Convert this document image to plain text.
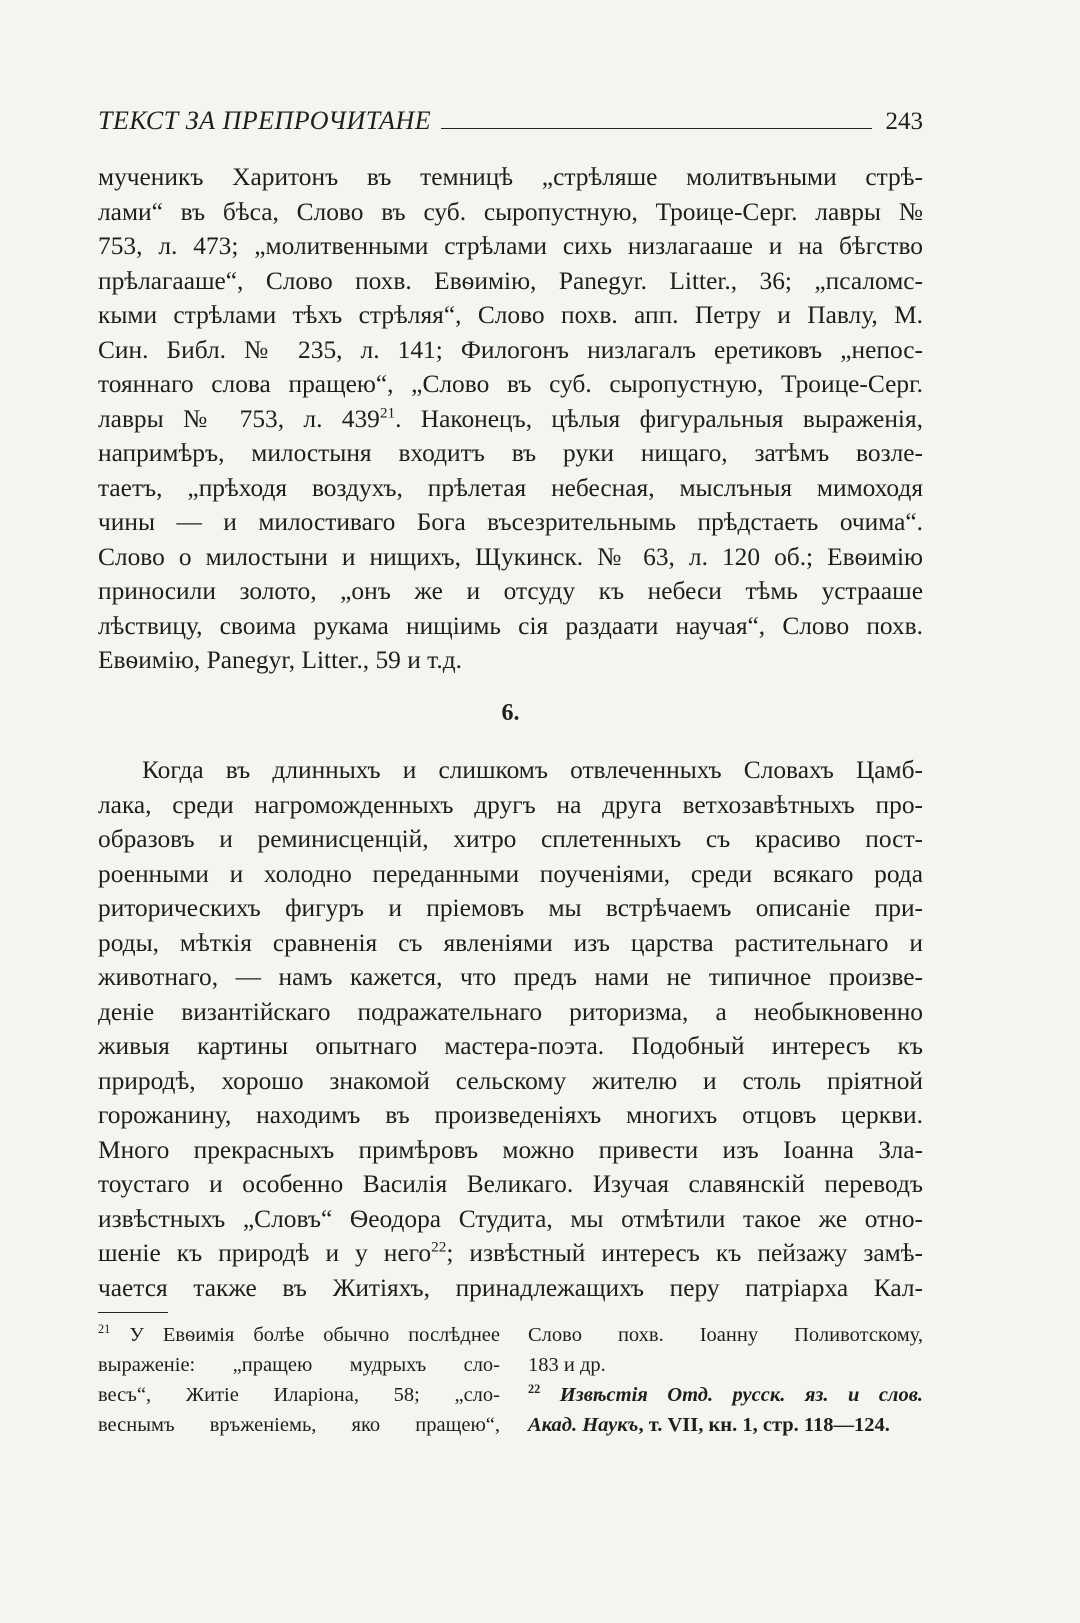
ТЕКСТ ЗА ПРЕПРОЧИТАНЕ	243
мученикъ Харитонъ въ темницѣ „стрѣляше молитвъными стрѣ-
лами“ въ бѣса, Слово въ суб. сыропустную, Троице-Серг. лавры №
753, л. 473; „молитвенными стрѣлами сихь низлагааше и на бѣгство
прѣлагааше“, Слово похв. Евѳимію, Panegyr. Litter., 36; „псаломс-
кыми стрѣлами тѣхъ стрѣляя“, Слово похв. апп. Петру и Павлу, М.
Син. Библ. № 235, л. 141; Филогонъ низлагалъ еретиковъ „непос-
тояннаго слова пращею“, „Слово въ суб. сыропустную, Троице-Серг.
лавры № 753, л. $439^{21}$. Наконецъ, цѣлыя фигуральныя выраженія,
напримѣръ, милостыня входитъ въ руки нищаго, затѣмъ возле-
таетъ, „прѣходя воздухъ, прѣлетая небесная, мыслъныя мимоходя
чины — и милостиваго Бога въсезрительнымь прѣдстаеть очима“.
Слово о милостыни и нищихъ, Щукинск. № 63, л. 120 об.; Евѳимію
приносили золото, „онъ же и отсуду къ небеси тѣмь устрааше
лѣствицу, своима рукама нищіимь сія раздаати научая“, Слово похв.
Евѳимію, Panegyr, Litter., 59 и т.д.
6.
Когда въ длинныхъ и слишкомъ отвлеченныхъ Словахъ Цамб-
лака, среди нагроможденныхъ другъ на друга ветхозавѣтныхъ про-
образовъ и реминисценцій, хитро сплетенныхъ съ красиво пост-
роенными и холодно переданными поученіями, среди всякаго рода
риторическихъ фигуръ и пріемовъ мы встрѣчаемъ описаніе при-
роды, мѣткія сравненія съ явленіями изъ царства растительнаго и
животнаго, — намъ кажется, что предъ нами не типичное произве-
деніе византійскаго подражательнаго риторизма, а необыкновенно
живыя картины опытнаго мастера-поэта. Подобный интересъ къ
природѣ, хорошо знакомой сельскому жителю и столь пріятной
горожанину, находимъ въ произведеніяхъ многихъ отцовъ церкви.
Много прекрасныхъ примѣровъ можно привести изъ Іоанна Зла-
тоустаго и особенно Василія Великаго. Изучая славянскій переводъ
извѣстныхъ „Словъ“ Ѳеодора Студита, мы отмѣтили такое же отно-
шеніе къ природѣ и у него$^{22}$; извѣстный интересъ къ пейзажу замѣ-
чается также въ Житіяхъ, принадлежащихъ перу патріарха Кал-
$^{21}$ У Евѳимія болѣе обычно послѣднее
выраженіе: „пращею мудрыхъ сло-
весъ“, Житіе Иларіона, 58; „сло-
веснымъ връженіемь, яко пращею“,
Слово похв. Іоанну Поливотскому,
183 и др.
$^{22}$ Извѣстія Отд. русск. яз. и слов.
Акад. Наукъ, т. VII, кн. 1, стр. 118—124.
